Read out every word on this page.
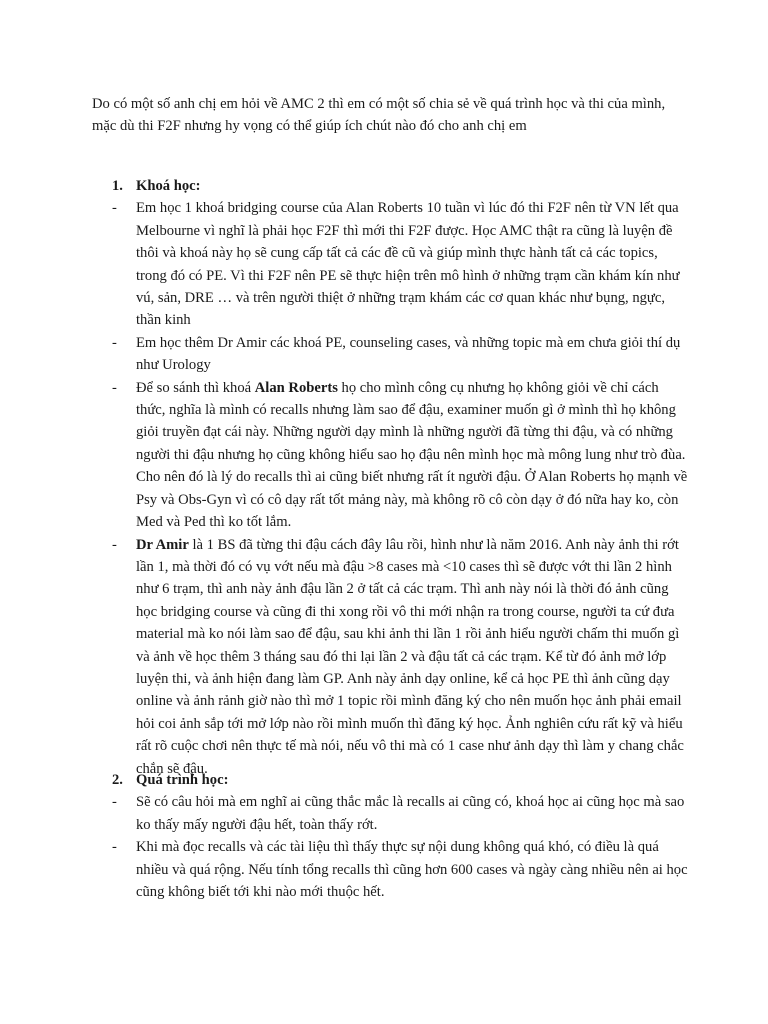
Do có một số anh chị em hỏi về AMC 2 thì em có một số chia sẻ về quá trình học và thi của mình, mặc dù thi F2F nhưng hy vọng có thể giúp ích chút nào đó cho anh chị em

1. Khoá học:

- Em học 1 khoá bridging course của Alan Roberts 10 tuần vì lúc đó thi F2F nên từ VN lết qua Melbourne vì nghĩ là phải học F2F thì mới thi F2F được. Học AMC thật ra cũng là luyện đề thôi và khoá này họ sẽ cung cấp tất cả các đề cũ và giúp mình thực hành tất cả các topics, trong đó có PE. Vì thi F2F nên PE sẽ thực hiện trên mô hình ở những trạm cần khám kín như vú, sản, DRE … và trên người thiệt ở những trạm khám các cơ quan khác như bụng, ngực, thần kinh
- Em học thêm Dr Amir các khoá PE, counseling cases, và những topic mà em chưa giỏi thí dụ như Urology
- Để so sánh thì khoá Alan Roberts họ cho mình công cụ nhưng họ không giỏi về chỉ cách thức, nghĩa là mình có recalls nhưng làm sao để đậu, examiner muốn gì ở mình thì họ không giỏi truyền đạt cái này. Những người dạy mình là những người đã từng thi đậu, và có những người thi đậu nhưng họ cũng không hiểu sao họ đậu nên mình học mà mông lung như trò đùa. Cho nên đó là lý do recalls thì ai cũng biết nhưng rất ít người đậu. Ở Alan Roberts họ mạnh về Psy và Obs-Gyn vì có cô dạy rất tốt mảng này, mà không rõ cô còn dạy ở đó nữa hay ko, còn Med và Ped thì ko tốt lắm.
- Dr Amir là 1 BS đã từng thi đậu cách đây lâu rồi, hình như là năm 2016. Anh này ảnh thi rớt lần 1, mà thời đó có vụ vớt nếu mà đậu >8 cases mà <10 cases thì sẽ được vớt thi lần 2 hình như 6 trạm, thì anh này ảnh đậu lần 2 ở tất cả các trạm. Thì anh này nói là thời đó ảnh cũng học bridging course và cũng đi thi xong rồi vô thi mới nhận ra trong course, người ta cứ đưa material mà ko nói làm sao để đậu, sau khi ảnh thi lần 1 rồi ảnh hiểu người chấm thi muốn gì và ảnh về học thêm 3 tháng sau đó thi lại lần 2 và đậu tất cả các trạm. Kể từ đó ảnh mở lớp luyện thi, và ảnh hiện đang làm GP. Anh này ảnh dạy online, kể cả học PE thì ảnh cũng dạy online và ảnh rảnh giờ nào thì mở 1 topic rồi mình đăng ký cho nên muốn học ảnh phải email hỏi coi ảnh sắp tới mở lớp nào rồi mình muốn thì đăng ký học. Ảnh nghiên cứu rất kỹ và hiểu rất rõ cuộc chơi nên thực tế mà nói, nếu vô thi mà có 1 case như ảnh dạy thì làm y chang chắc chắn sẽ đậu.

2. Quá trình học:

- Sẽ có câu hỏi mà em nghĩ ai cũng thắc mắc là recalls ai cũng có, khoá học ai cũng học mà sao ko thấy mấy người đậu hết, toàn thấy rớt.
- Khi mà đọc recalls và các tài liệu thì thấy thực sự nội dung không quá khó, có điều là quá nhiều và quá rộng. Nếu tính tổng recalls thì cũng hơn 600 cases và ngày càng nhiều nên ai học cũng không biết tới khi nào mới thuộc hết.
